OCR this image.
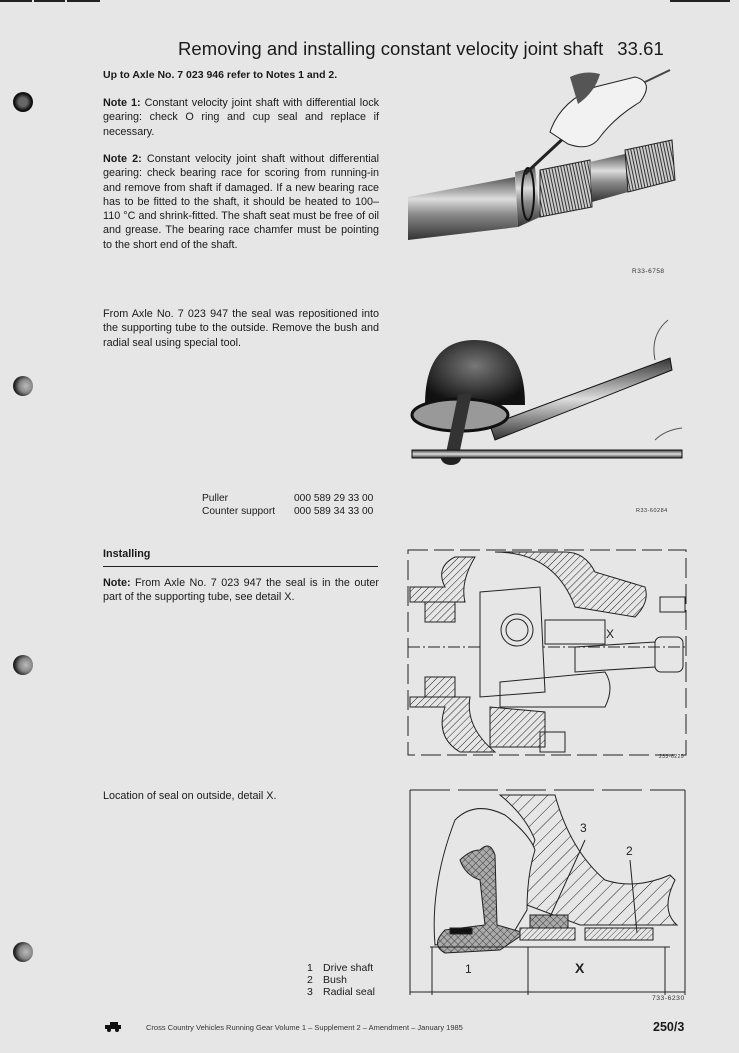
Removing and installing constant velocity joint shaft 33.61
Up to Axle No. 7 023 946 refer to Notes 1 and 2.
Note 1: Constant velocity joint shaft with differential lock gearing: check O ring and cup seal and replace if necessary.
Note 2: Constant velocity joint shaft without differential gearing: check bearing race for scoring from running-in and remove from shaft if damaged. If a new bearing race has to be fitted to the shaft, it should be heated to 100–110 °C and shrink-fitted. The shaft seat must be free of oil and grease. The bearing race chamfer must be pointing to the short end of the shaft.
From Axle No. 7 023 947 the seal was repositioned into the supporting tube to the outside. Remove the bush and radial seal using special tool.
Puller	000 589 29 33 00
Counter support 000 589 34 33 00
Installing
Note: From Axle No. 7 023 947 the seal is in the outer part of the supporting tube, see detail X.
Location of seal on outside, detail X.
1 Drive shaft
2 Bush
3 Radial seal
R33-6758
R33-60284
X
233-6229
3
2
1	X
733-6230
Cross Country Vehicles Running Gear Volume 1 – Supplement 2 – Amendment – January 1985	250/3
